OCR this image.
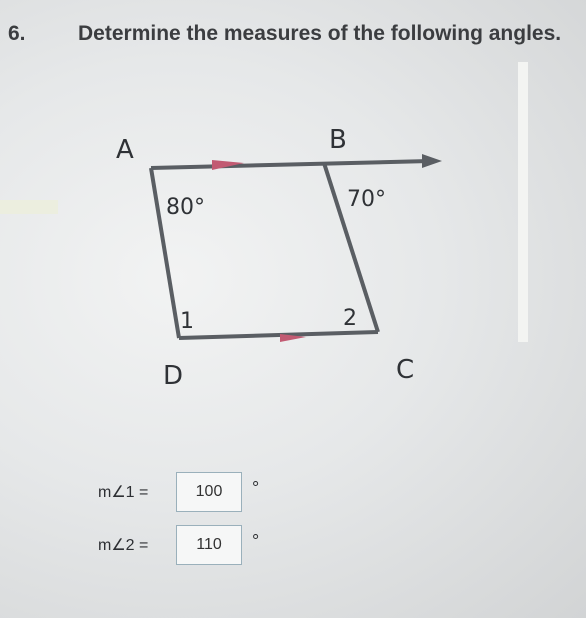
6. Determine the measures of the following angles.
A	B
C
D
80°	70°
1	2
m∠1 =	100	°
m∠2 =	110	°
